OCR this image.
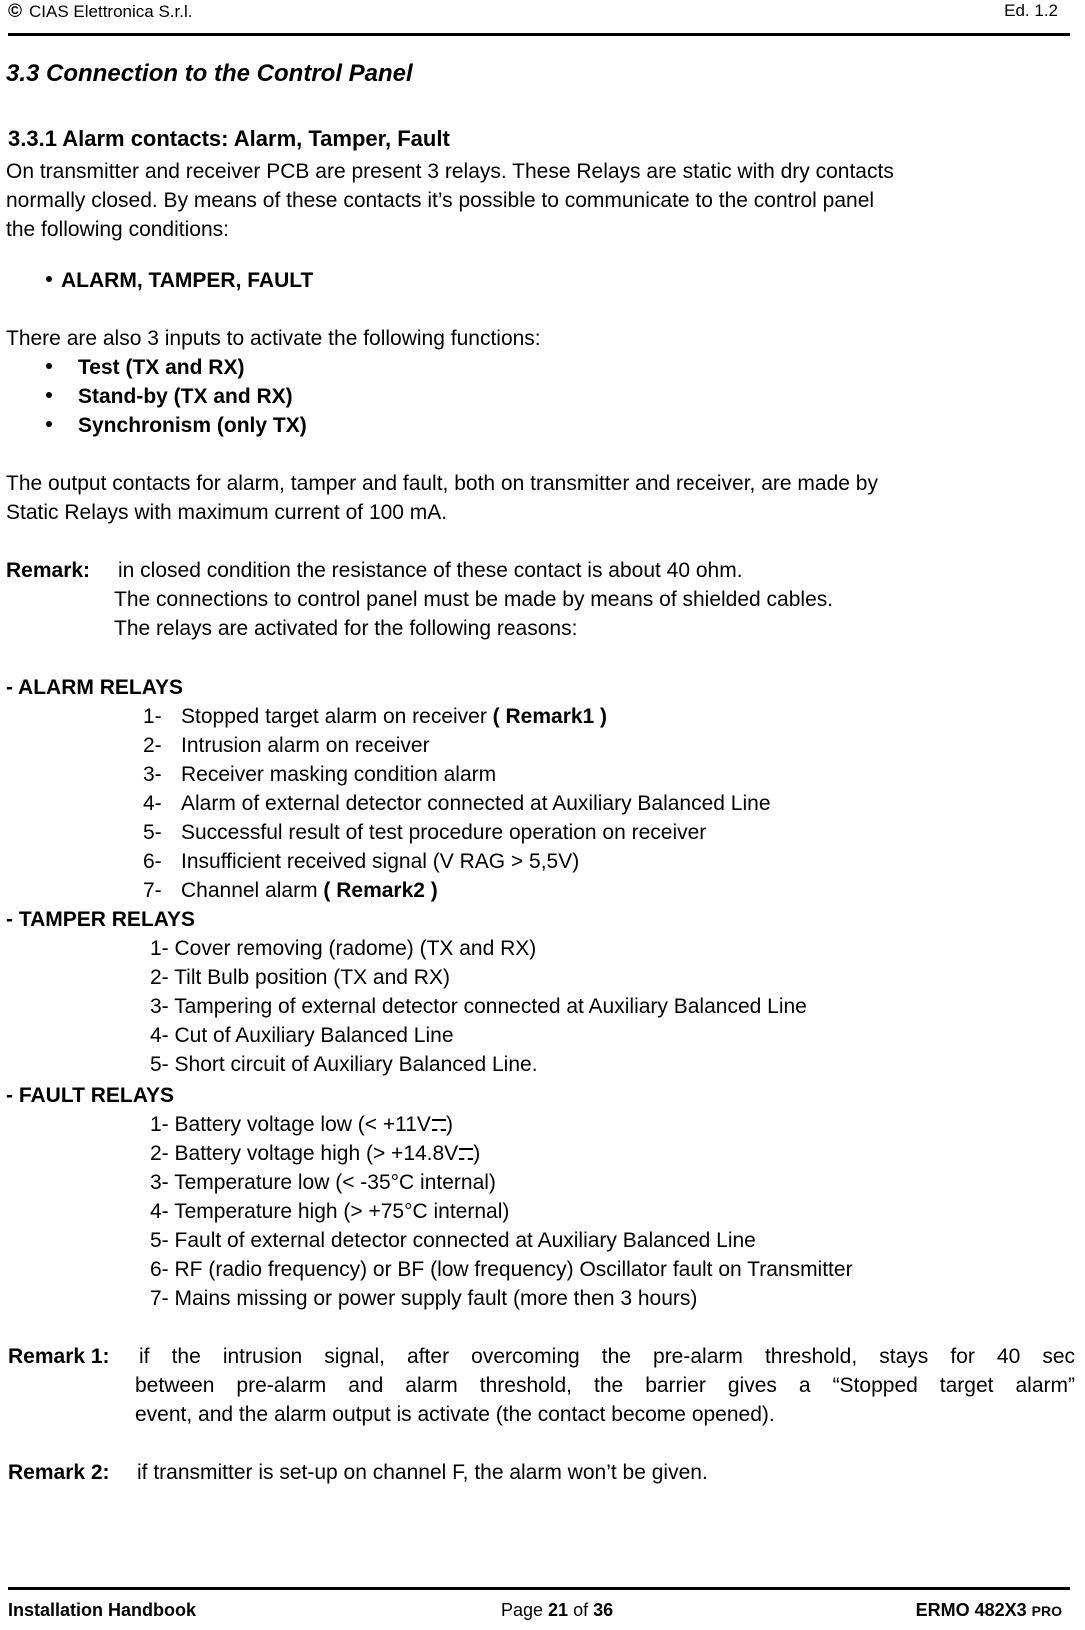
© CIAS Elettronica S.r.l.	Ed. 1.2
3.3 Connection to the Control Panel
3.3.1 Alarm contacts: Alarm, Tamper, Fault
On transmitter and receiver PCB are present 3 relays. These Relays are static with dry contacts
normally closed. By means of these contacts it’s possible to communicate to the control panel
the following conditions:
ALARM, TAMPER, FAULT
There are also 3 inputs to activate the following functions:
Test (TX and RX)
Stand-by (TX and RX)
Synchronism (only TX)
The output contacts for alarm, tamper and fault, both on transmitter and receiver, are made by
Static Relays with maximum current of 100 mA.
Remark: in closed condition the resistance of these contact is about 40 ohm.
The connections to control panel must be made by means of shielded cables.
The relays are activated for the following reasons:
- ALARM RELAYS
1- Stopped target alarm on receiver ( Remark1 )
2- Intrusion alarm on receiver
3- Receiver masking condition alarm
4- Alarm of external detector connected at Auxiliary Balanced Line
5- Successful result of test procedure operation on receiver
6- Insufficient received signal (V RAG > 5,5V)
7- Channel alarm ( Remark2 )
- TAMPER RELAYS
1- Cover removing (radome) (TX and RX)
2- Tilt Bulb position (TX and RX)
3- Tampering of external detector connected at Auxiliary Balanced Line
4- Cut of Auxiliary Balanced Line
5- Short circuit of Auxiliary Balanced Line.
- FAULT RELAYS
1- Battery voltage low (< +11V )
2- Battery voltage high (> +14.8V )
3- Temperature low (< -35°C internal)
4- Temperature high (> +75°C internal)
5- Fault of external detector connected at Auxiliary Balanced Line
6- RF (radio frequency) or BF (low frequency) Oscillator fault on Transmitter
7- Mains missing or power supply fault (more then 3 hours)
Remark 1: if the intrusion signal, after overcoming the pre-alarm threshold, stays for 40 sec
between pre-alarm and alarm threshold, the barrier gives a “Stopped target alarm”
event, and the alarm output is activate (the contact become opened).
Remark 2: if transmitter is set-up on channel F, the alarm won’t be given.
Installation Handbook	Page 21 of 36	ERMO 482X3 PRO
